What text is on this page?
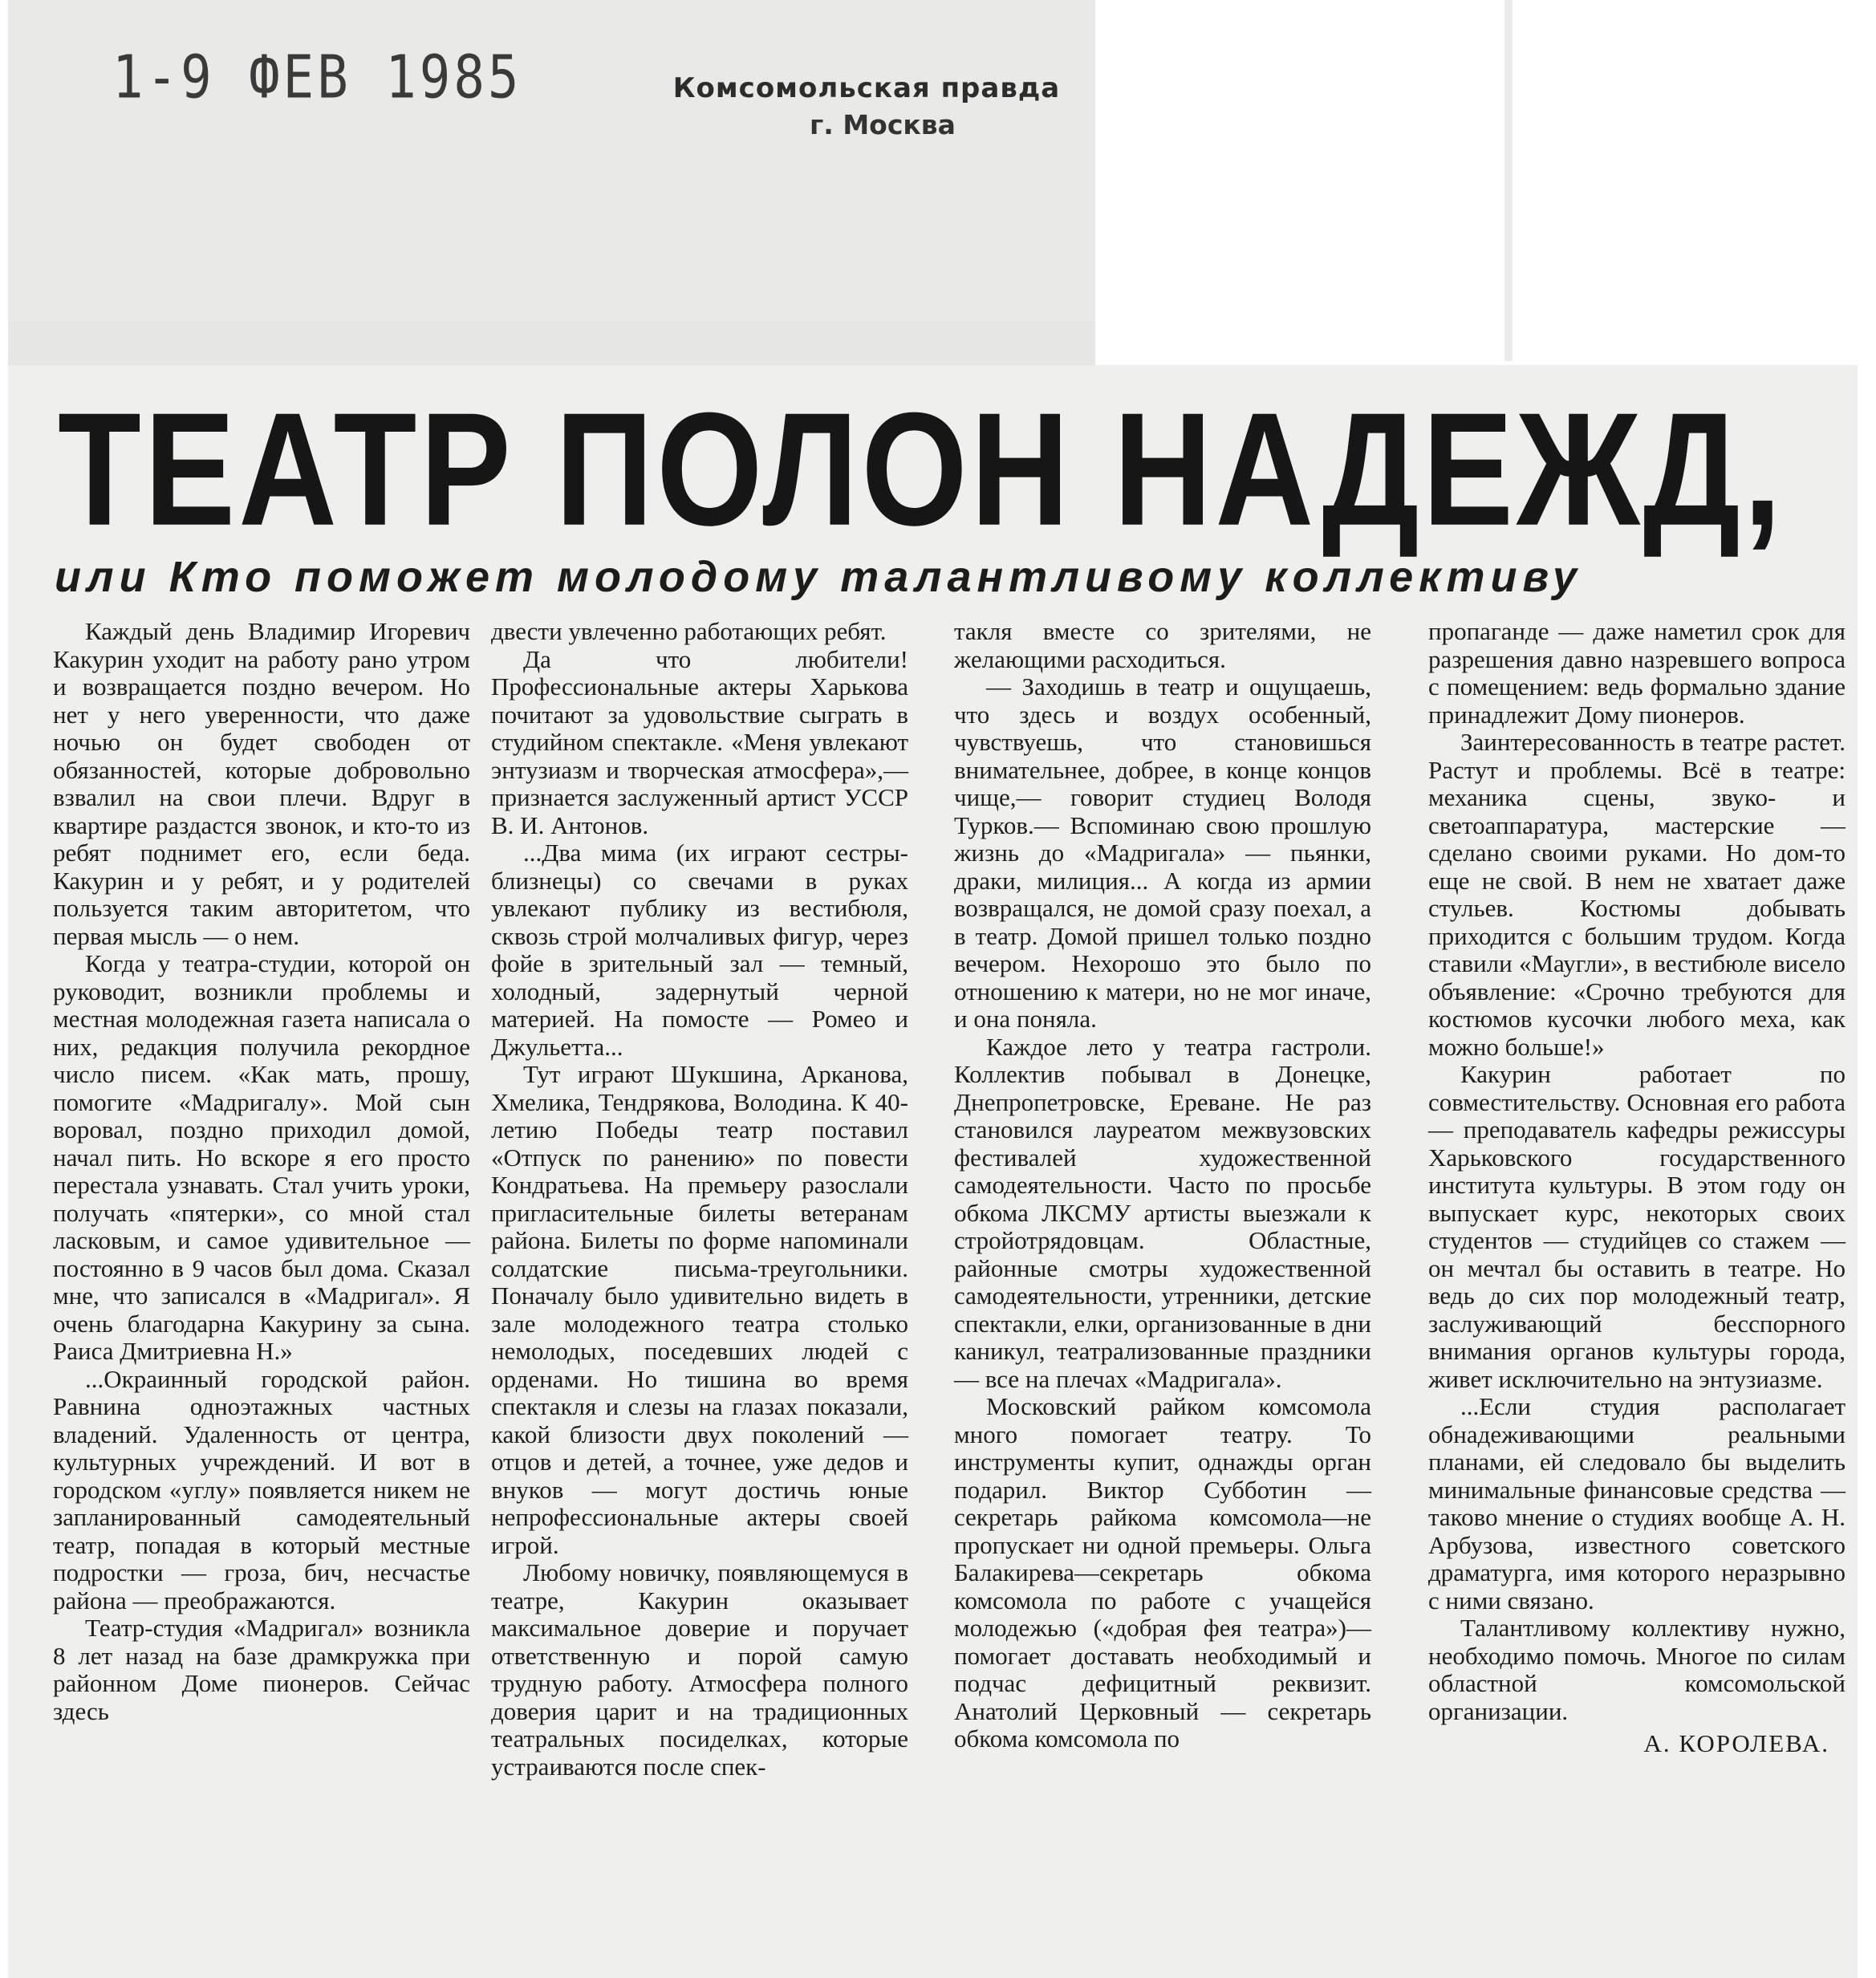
1-9 ФЕВ 1985	Комсомольская правда
г. Москва
ТЕАТР ПОЛОН НАДЕЖД,
или Кто поможет молодому талантливому коллективу

Каждый день Владимир Игоревич Какурин уходит на работу рано утром и возвращается поздно вечером. Но нет у него уверенности, что даже ночью он будет свободен от обязанностей, которые добровольно взвалил на свои плечи. Вдруг в квартире раздастся звонок, и кто-то из ребят поднимет его, если беда. Какурин и у ребят, и у родителей пользуется таким авторитетом, что первая мысль — о нем.

Когда у театра-студии, которой он руководит, возникли проблемы и местная молодежная газета написала о них, редакция получила рекордное число писем. «Как мать, прошу, помогите «Мадригалу». Мой сын воровал, поздно приходил домой, начал пить. Но вскоре я его просто перестала узнавать. Стал учить уроки, получать «пятерки», со мной стал ласковым, и самое удивительное — постоянно в 9 часов был дома. Сказал мне, что записался в «Мадригал». Я очень благодарна Какурину за сына. Раиса Дмитриевна Н.»

...Окраинный городской район. Равнина одноэтажных частных владений. Удаленность от центра, культурных учреждений. И вот в городском «углу» появляется никем не запланированный самодеятельный театр, попадая в который местные подростки — гроза, бич, несчастье района — преображаются.

Театр-студия «Мадригал» возникла 8 лет назад на базе драмкружка при районном Доме пионеров. Сейчас здесь

двести увлеченно работающих ребят.

Да что любители! Профессиональные актеры Харькова почитают за удовольствие сыграть в студийном спектакле. «Меня увлекают энтузиазм и творческая атмосфера»,— признается заслуженный артист УССР В. И. Антонов.

...Два мима (их играют сестры-близнецы) со свечами в руках увлекают публику из вестибюля, сквозь строй молчаливых фигур, через фойе в зрительный зал — темный, холодный, задернутый черной материей. На помосте — Ромео и Джульетта...

Тут играют Шукшина, Арканова, Хмелика, Тендрякова, Володина. К 40-летию Победы театр поставил «Отпуск по ранению» по повести Кондратьева. На премьеру разослали пригласительные билеты ветеранам района. Билеты по форме напоминали солдатские письма-треугольники. Поначалу было удивительно видеть в зале молодежного театра столько немолодых, поседевших людей с орденами. Но тишина во время спектакля и слезы на глазах показали, какой близости двух поколений — отцов и детей, а точнее, уже дедов и внуков — могут достичь юные непрофессиональные актеры своей игрой.

Любому новичку, появляющемуся в театре, Какурин оказывает максимальное доверие и поручает ответственную и порой самую трудную работу. Атмосфера полного доверия царит и на традиционных театральных посиделках, которые устраиваются после спек-

такля вместе со зрителями, не желающими расходиться.

— Заходишь в театр и ощущаешь, что здесь и воздух особенный, чувствуешь, что становишься внимательнее, добрее, в конце концов чище,— говорит студиец Володя Турков.— Вспоминаю свою прошлую жизнь до «Мадригала» — пьянки, драки, милиция... А когда из армии возвращался, не домой сразу поехал, а в театр. Домой пришел только поздно вечером. Нехорошо это было по отношению к матери, но не мог иначе, и она поняла.

Каждое лето у театра гастроли. Коллектив побывал в Донецке, Днепропетровске, Ереване. Не раз становился лауреатом межвузовских фестивалей художественной самодеятельности. Часто по просьбе обкома ЛКСМУ артисты выезжали к стройотрядовцам. Областные, районные смотры художественной самодеятельности, утренники, детские спектакли, елки, организованные в дни каникул, театрализованные праздники — все на плечах «Мадригала».

Московский райком комсомола много помогает театру. То инструменты купит, однажды орган подарил. Виктор Субботин — секретарь райкома комсомола—не пропускает ни одной премьеры. Ольга Балакирева—секретарь обкома комсомола по работе с учащейся молодежью («добрая фея театра»)—помогает доставать необходимый и подчас дефицитный реквизит. Анатолий Церковный — секретарь обкома комсомола по

пропаганде — даже наметил срок для разрешения давно назревшего вопроса с помещением: ведь формально здание принадлежит Дому пионеров.

Заинтересованность в театре растет. Растут и проблемы. Всё в театре: механика сцены, звуко- и светоаппаратура, мастерские — сделано своими руками. Но дом-то еще не свой. В нем не хватает даже стульев. Костюмы добывать приходится с большим трудом. Когда ставили «Маугли», в вестибюле висело объявление: «Срочно требуются для костюмов кусочки любого меха, как можно больше!»

Какурин работает по совместительству. Основная его работа — преподаватель кафедры режиссуры Харьковского государственного института культуры. В этом году он выпускает курс, некоторых своих студентов — студийцев со стажем — он мечтал бы оставить в театре. Но ведь до сих пор молодежный театр, заслуживающий бесспорного внимания органов культуры города, живет исключительно на энтузиазме.

...Если студия располагает обнадеживающими реальными планами, ей следовало бы выделить минимальные финансовые средства —таково мнение о студиях вообще А. Н. Арбузова, известного советского драматурга, имя которого неразрывно с ними связано.

Талантливому коллективу нужно, необходимо помочь. Многое по силам областной комсомольской организации.

А. КОРОЛЕВА.
